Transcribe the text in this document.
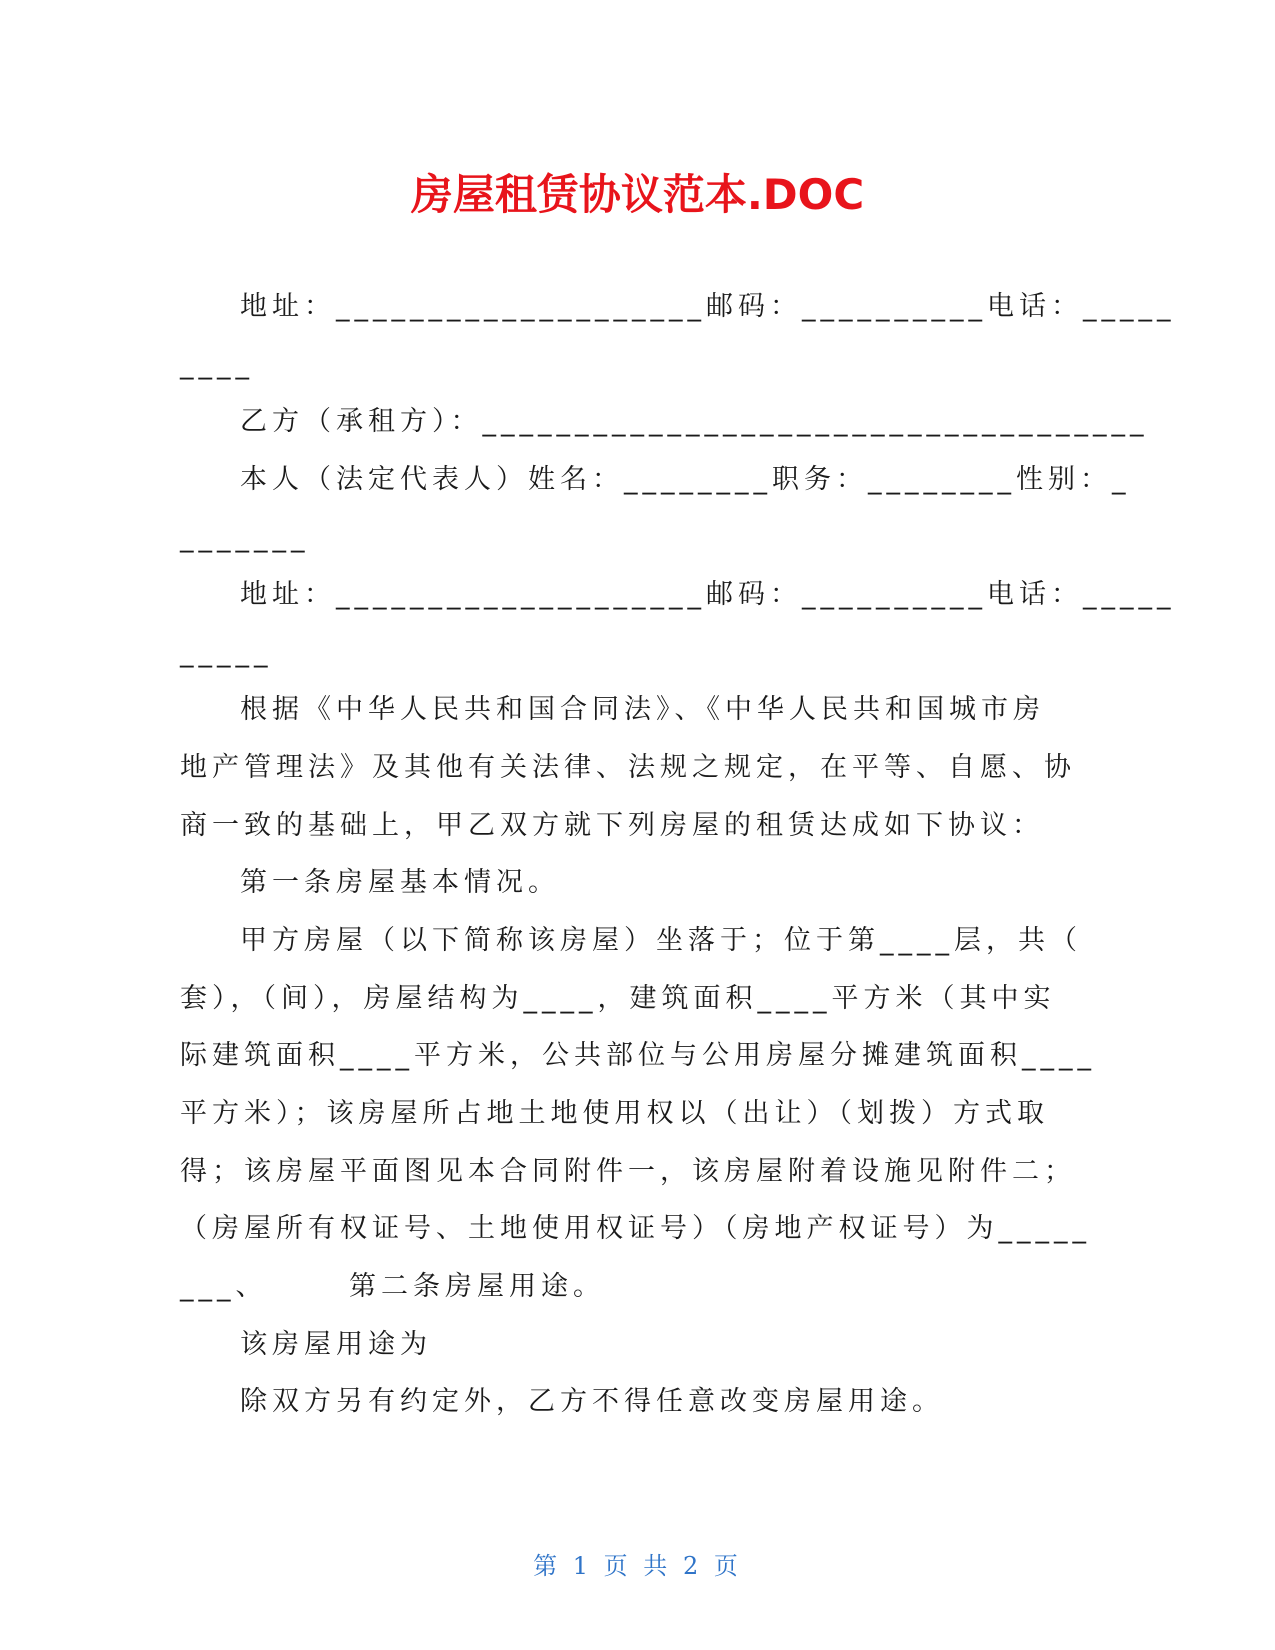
房屋租赁协议范本.DOC
地址：____________________邮码：__________电话：_____
____
乙方（承租方）：____________________________________
本人（法定代表人）姓名：________职务：________性别：_
_______
地址：____________________邮码：__________电话：_____
_____
根据《中华人民共和国合同法》、《中华人民共和国城市房
地产管理法》及其他有关法律、法规之规定，在平等、自愿、协
商一致的基础上，甲乙双方就下列房屋的租赁达成如下协议：
第一条房屋基本情况。
甲方房屋（以下简称该房屋）坐落于；位于第____层，共（
套），（间），房屋结构为____，建筑面积____平方米（其中实
际建筑面积____平方米，公共部位与公用房屋分摊建筑面积____
平方米）；该房屋所占地土地使用权以（出让）（划拨）方式取
得；该房屋平面图见本合同附件一，该房屋附着设施见附件二；
（房屋所有权证号、土地使用权证号）（房地产权证号）为_____
___、      第二条房屋用途。
该房屋用途为
除双方另有约定外，乙方不得任意改变房屋用途。
第 1 页 共 2 页
